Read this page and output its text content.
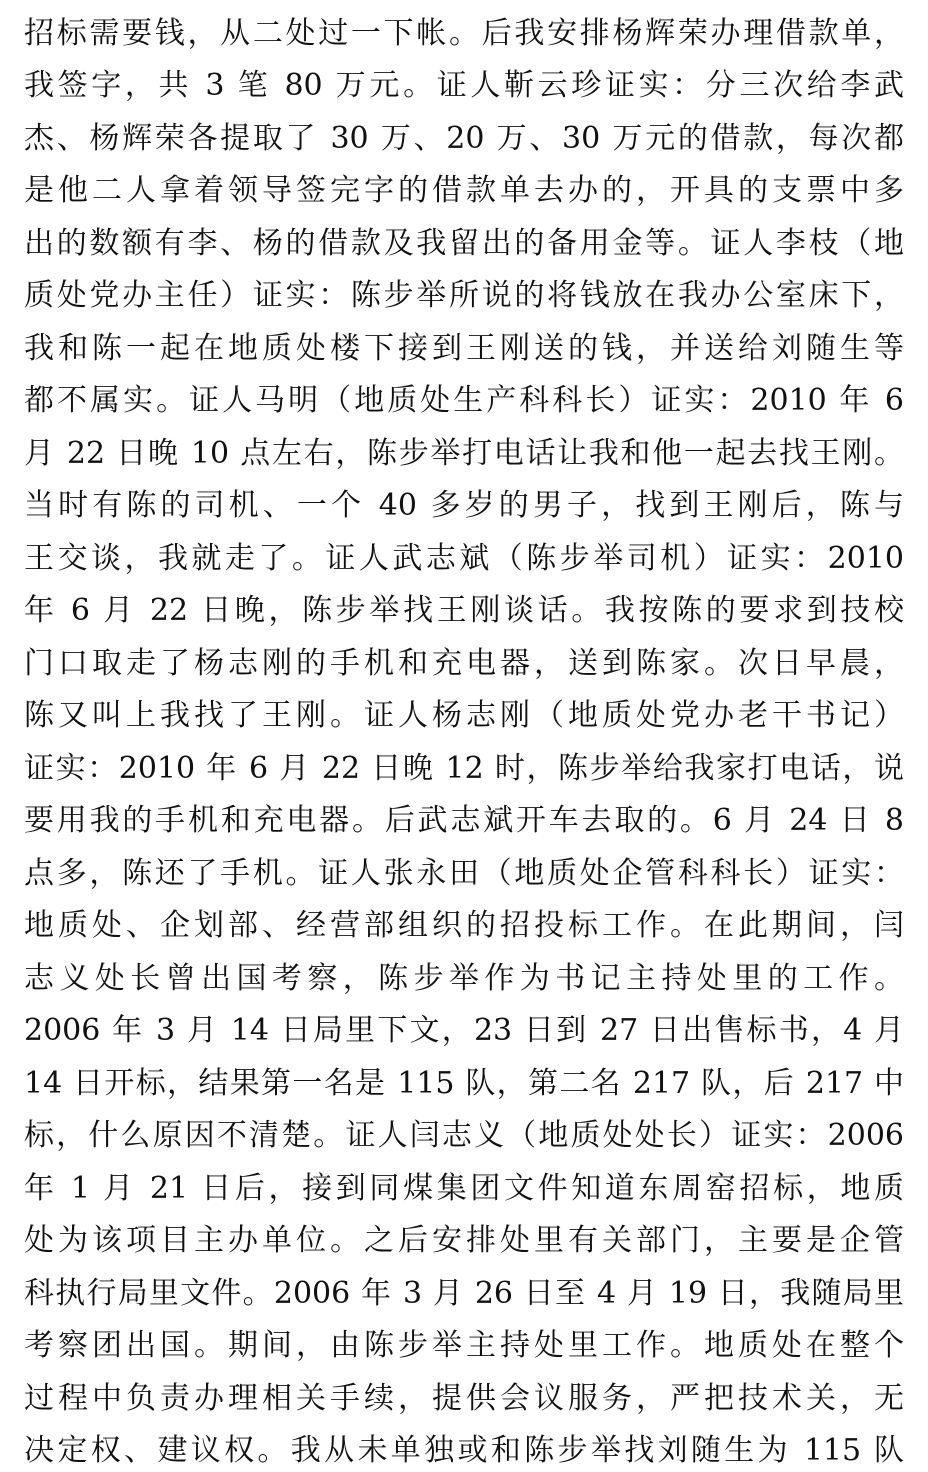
招标需要钱，从二处过一下帐。后我安排杨辉荣办理借款单，
我签字，共 3 笔 80 万元。证人靳云珍证实：分三次给李武
杰、杨辉荣各提取了 30 万、20 万、30 万元的借款，每次都
是他二人拿着领导签完字的借款单去办的，开具的支票中多
出的数额有李、杨的借款及我留出的备用金等。证人李枝（地
质处党办主任）证实：陈步举所说的将钱放在我办公室床下，
我和陈一起在地质处楼下接到王刚送的钱，并送给刘随生等
都不属实。证人马明（地质处生产科科长）证实：2010 年 6
月 22 日晚 10 点左右，陈步举打电话让我和他一起去找王刚。
当时有陈的司机、一个 40 多岁的男子，找到王刚后，陈与
王交谈，我就走了。证人武志斌（陈步举司机）证实：2010
年 6 月 22 日晚，陈步举找王刚谈话。我按陈的要求到技校
门口取走了杨志刚的手机和充电器，送到陈家。次日早晨，
陈又叫上我找了王刚。证人杨志刚（地质处党办老干书记）
证实：2010 年 6 月 22 日晚 12 时，陈步举给我家打电话，说
要用我的手机和充电器。后武志斌开车去取的。6 月 24 日 8
点多，陈还了手机。证人张永田（地质处企管科科长）证实：
地质处、企划部、经营部组织的招投标工作。在此期间，闫
志义处长曾出国考察，陈步举作为书记主持处里的工作。
2006 年 3 月 14 日局里下文，23 日到 27 日出售标书，4 月
14 日开标，结果第一名是 115 队，第二名 217 队，后 217 中
标，什么原因不清楚。证人闫志义（地质处处长）证实：2006
年 1 月 21 日后，接到同煤集团文件知道东周窑招标，地质
处为该项目主办单位。之后安排处里有关部门，主要是企管
科执行局里文件。2006 年 3 月 26 日至 4 月 19 日，我随局里
考察团出国。期间，由陈步举主持处里工作。地质处在整个
过程中负责办理相关手续，提供会议服务，严把技术关，无
决定权、建议权。我从未单独或和陈步举找刘随生为 115 队
